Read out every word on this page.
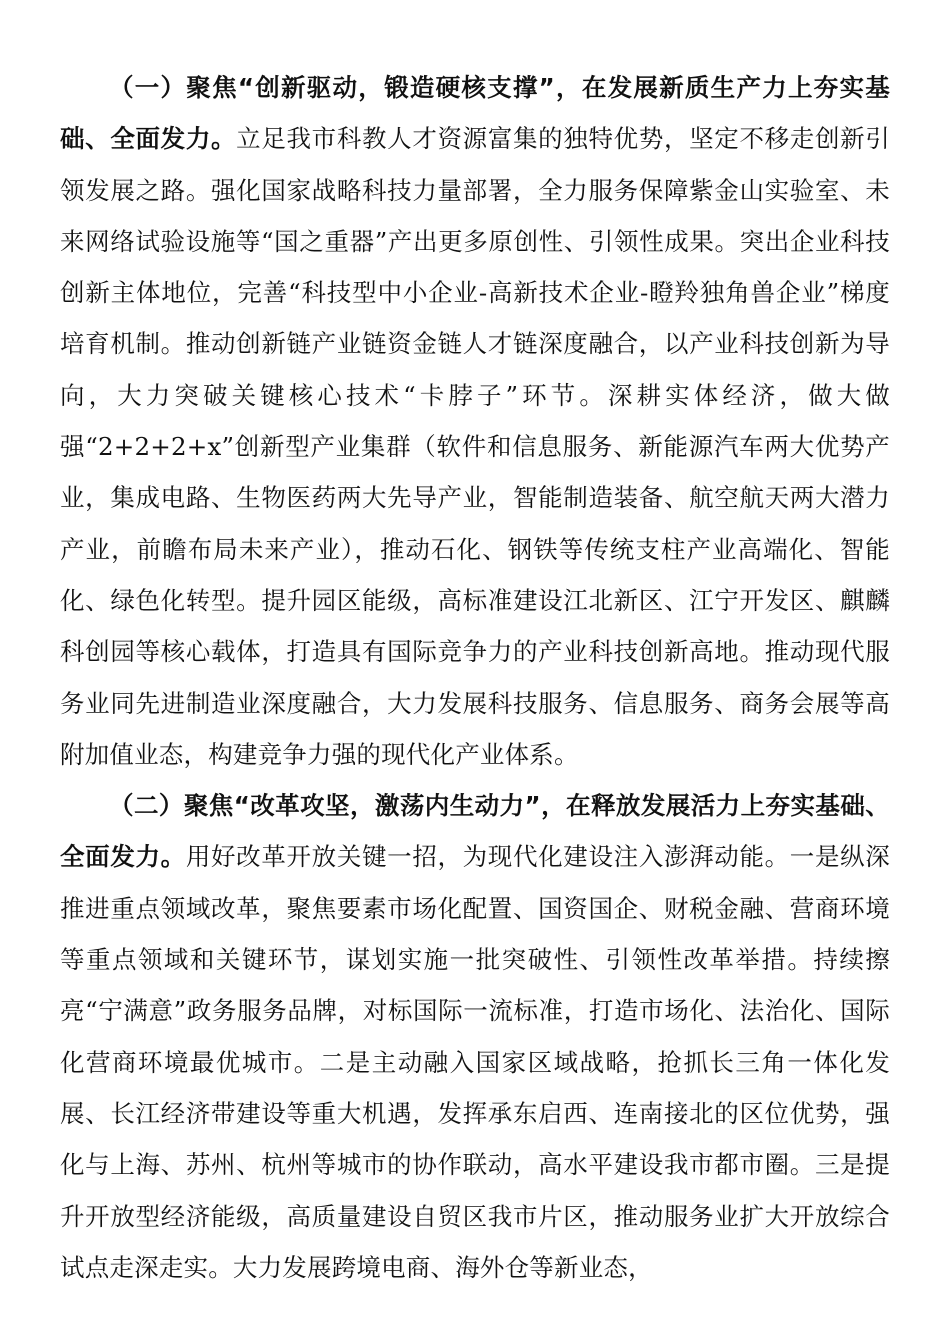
（一）聚焦“创新驱动，锻造硬核支撑”，在发展新质生产力上夯实基础、全面发力。立足我市科教人才资源富集的独特优势，坚定不移走创新引领发展之路。强化国家战略科技力量部署，全力服务保障紫金山实验室、未来网络试验设施等“国之重器”产出更多原创性、引领性成果。突出企业科技创新主体地位，完善“科技型中小企业-高新技术企业-瞪羚独角兽企业”梯度培育机制。推动创新链产业链资金链人才链深度融合，以产业科技创新为导向，大力突破关键核心技术“卡脖子”环节。深耕实体经济，做大做强“2+2+2+x”创新型产业集群（软件和信息服务、新能源汽车两大优势产业，集成电路、生物医药两大先导产业，智能制造装备、航空航天两大潜力产业，前瞻布局未来产业），推动石化、钢铁等传统支柱产业高端化、智能化、绿色化转型。提升园区能级，高标准建设江北新区、江宁开发区、麒麟科创园等核心载体，打造具有国际竞争力的产业科技创新高地。推动现代服务业同先进制造业深度融合，大力发展科技服务、信息服务、商务会展等高附加值业态，构建竞争力强的现代化产业体系。

（二）聚焦“改革攻坚，激荡内生动力”，在释放发展活力上夯实基础、全面发力。用好改革开放关键一招，为现代化建设注入澎湃动能。一是纵深推进重点领域改革，聚焦要素市场化配置、国资国企、财税金融、营商环境等重点领域和关键环节，谋划实施一批突破性、引领性改革举措。持续擦亮“宁满意”政务服务品牌，对标国际一流标准，打造市场化、法治化、国际化营商环境最优城市。二是主动融入国家区域战略，抢抓长三角一体化发展、长江经济带建设等重大机遇，发挥承东启西、连南接北的区位优势，强化与上海、苏州、杭州等城市的协作联动，高水平建设我市都市圈。三是提升开放型经济能级，高质量建设自贸区我市片区，推动服务业扩大开放综合试点走深走实。大力发展跨境电商、海外仓等新业态，
